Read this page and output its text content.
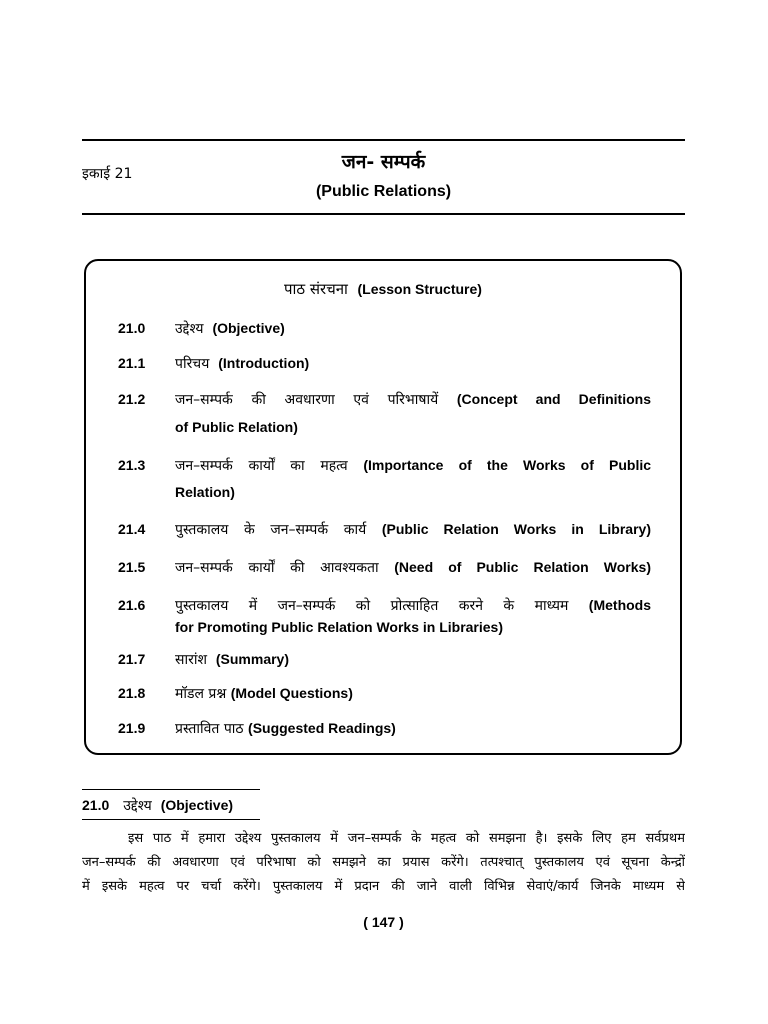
इकाई 21
जन- सम्पर्क
(Public Relations)
पाठ संरचना (Lesson Structure)
21.0 उद्देश्य (Objective)
21.1 परिचय (Introduction)
21.2 जन–सम्पर्क की अवधारणा एवं परिभाषायें (Concept and Definitions
of Public Relation)
21.3 जन–सम्पर्क कार्यों का महत्व (Importance of the Works of Public
Relation)
21.4 पुस्तकालय के जन–सम्पर्क कार्य (Public Relation Works in Library)
21.5 जन–सम्पर्क कार्यों की आवश्यकता (Need of Public Relation Works)
21.6 पुस्तकालय में जन–सम्पर्क को प्रोत्साहित करने के माध्यम (Methods
for Promoting Public Relation Works in Libraries)
21.7 सारांश (Summary)
21.8 मॉडल प्रश्न (Model Questions)
21.9 प्रस्तावित पाठ (Suggested Readings)
21.0 उद्देश्य (Objective)
इस पाठ में हमारा उद्देश्य पुस्तकालय में जन–सम्पर्क के महत्व को समझना है। इसके लिए हम सर्वप्रथम
जन–सम्पर्क की अवधारणा एवं परिभाषा को समझने का प्रयास करेंगे। तत्पश्चात् पुस्तकालय एवं सूचना केन्द्रों
में इसके महत्व पर चर्चा करेंगे। पुस्तकालय में प्रदान की जाने वाली विभिन्न सेवाएं/कार्य जिनके माध्यम से
( 147 )
